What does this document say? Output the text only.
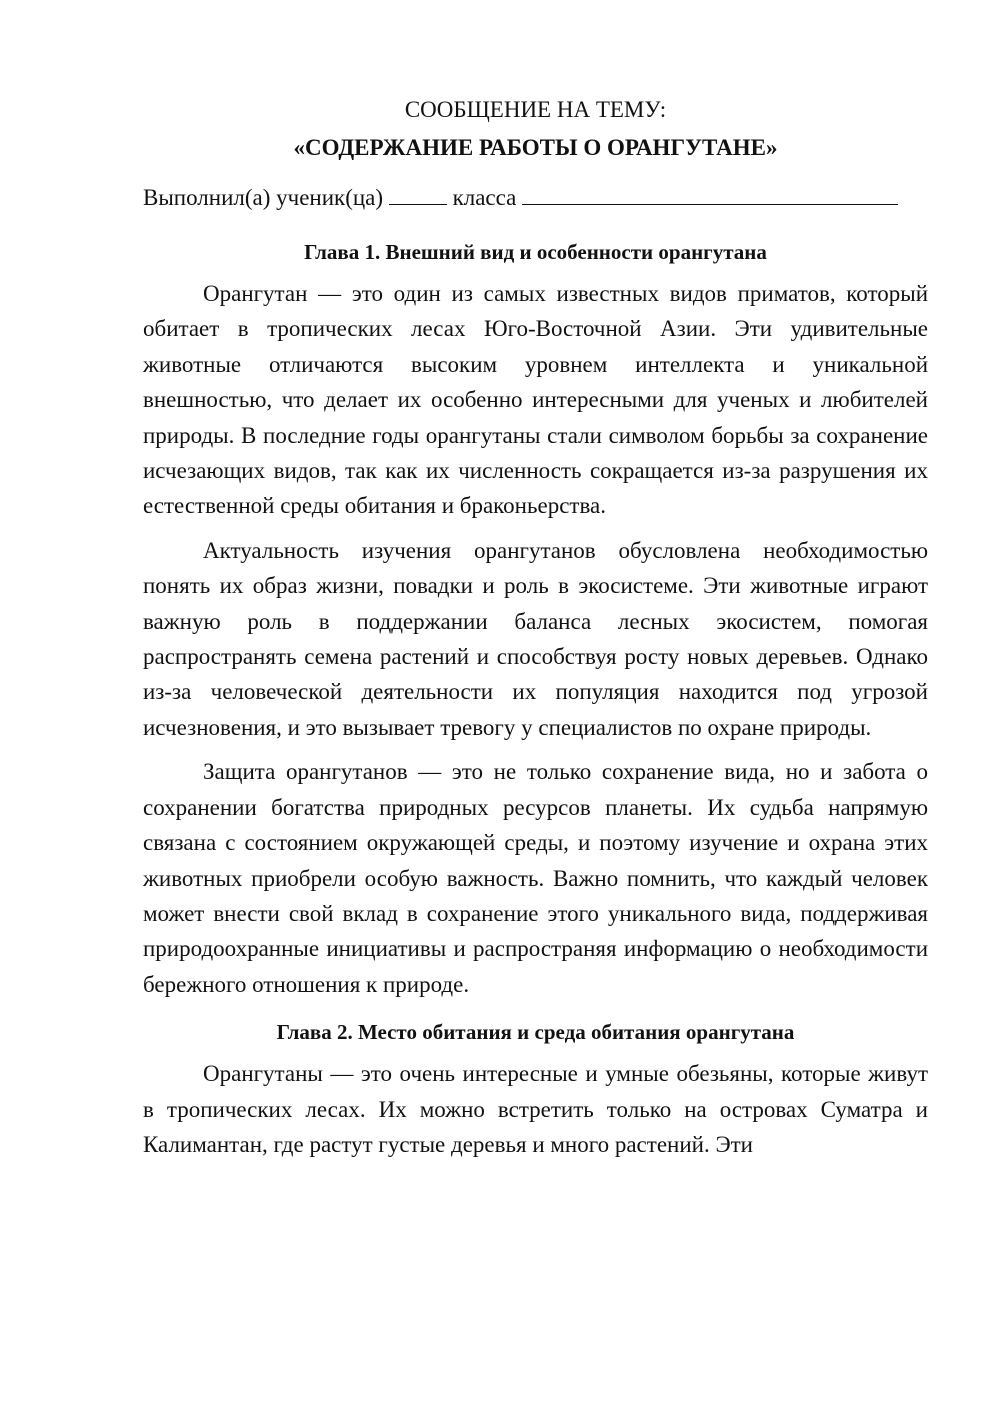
СООБЩЕНИЕ НА ТЕМУ:

«СОДЕРЖАНИЕ РАБОТЫ О ОРАНГУТАНЕ»

Выполнил(а) ученик(ца)	класса

Глава 1. Внешний вид и особенности орангутана

Орангутан — это один из самых известных видов приматов, который обитает в тропических лесах Юго-Восточной Азии. Эти удивительные животные отличаются высоким уровнем интеллекта и уникальной внешностью, что делает их особенно интересными для ученых и любителей природы. В последние годы орангутаны стали символом борьбы за сохранение исчезающих видов, так как их численность сокращается из-за разрушения их естественной среды обитания и браконьерства.

Актуальность изучения орангутанов обусловлена необходимостью понять их образ жизни, повадки и роль в экосистеме. Эти животные играют важную роль в поддержании баланса лесных экосистем, помогая распространять семена растений и способствуя росту новых деревьев. Однако из-за человеческой деятельности их популяция находится под угрозой исчезновения, и это вызывает тревогу у специалистов по охране природы.

Защита орангутанов — это не только сохранение вида, но и забота о сохранении богатства природных ресурсов планеты. Их судьба напрямую связана с состоянием окружающей среды, и поэтому изучение и охрана этих животных приобрели особую важность. Важно помнить, что каждый человек может внести свой вклад в сохранение этого уникального вида, поддерживая природоохранные инициативы и распространяя информацию о необходимости бережного отношения к природе.

Глава 2. Место обитания и среда обитания орангутана

Орангутаны — это очень интересные и умные обезьяны, которые живут в тропических лесах. Их можно встретить только на островах Суматра и Калимантан, где растут густые деревья и много растений. Эти
